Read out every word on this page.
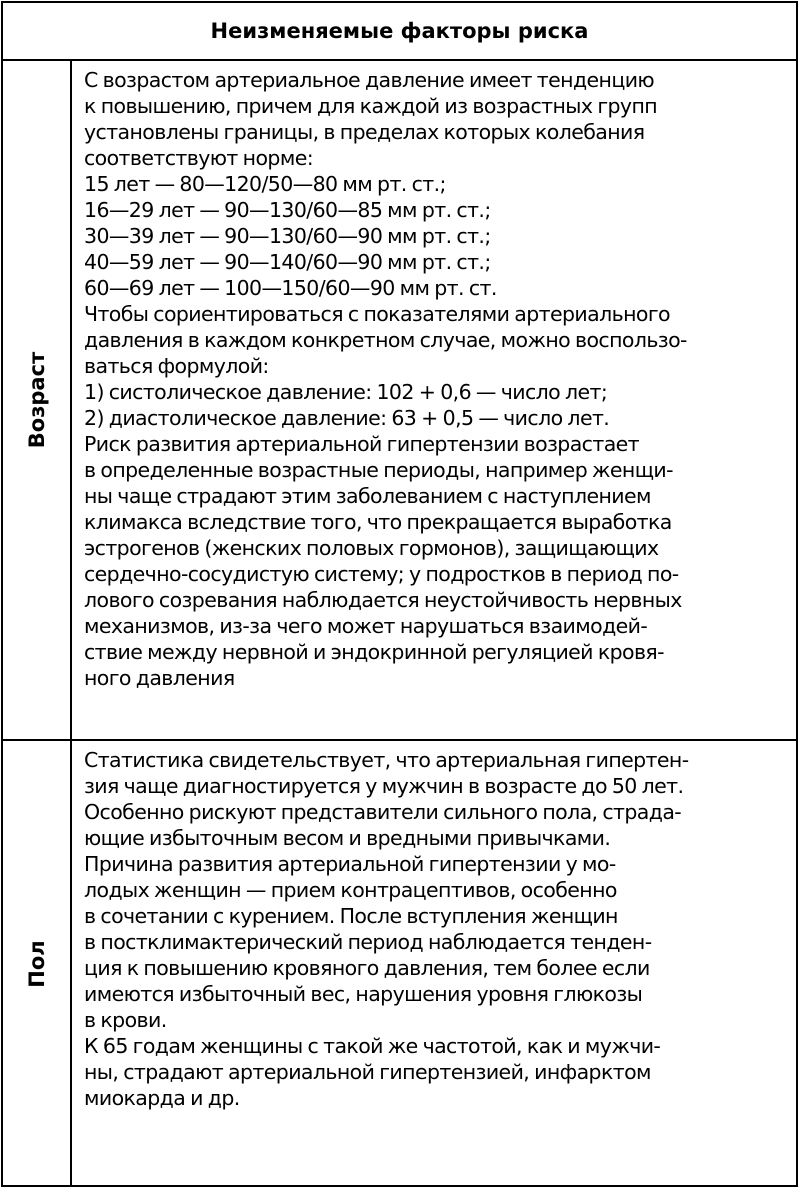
Неизменяемые факторы риска
Возраст
С возрастом артериальное давление имеет тенденцию
к повышению, причем для каждой из возрастных групп
установлены границы, в пределах которых колебания
соответствуют норме:
15 лет — 80—120/50—80 мм рт. ст.;
16—29 лет — 90—130/60—85 мм рт. ст.;
30—39 лет — 90—130/60—90 мм рт. ст.;
40—59 лет — 90—140/60—90 мм рт. ст.;
60—69 лет — 100—150/60—90 мм рт. ст.
Чтобы сориентироваться с показателями артериального
давления в каждом конкретном случае, можно воспользо-
ваться формулой:
1) систолическое давление: 102 + 0,6 — число лет;
2) диастолическое давление: 63 + 0,5 — число лет.
Риск развития артериальной гипертензии возрастает
в определенные возрастные периоды, например женщи-
ны чаще страдают этим заболеванием с наступлением
климакса вследствие того, что прекращается выработка
эстрогенов (женских половых гормонов), защищающих
сердечно-сосудистую систему; у подростков в период по-
лового созревания наблюдается неустойчивость нервных
механизмов, из-за чего может нарушаться взаимодей-
ствие между нервной и эндокринной регуляцией кровя-
ного давления
Пол
Статистика свидетельствует, что артериальная гипертен-
зия чаще диагностируется у мужчин в возрасте до 50 лет.
Особенно рискуют представители сильного пола, страда-
ющие избыточным весом и вредными привычками.
Причина развития артериальной гипертензии у мо-
лодых женщин — прием контрацептивов, особенно
в сочетании с курением. После вступления женщин
в постклимактерический период наблюдается тенден-
ция к повышению кровяного давления, тем более если
имеются избыточный вес, нарушения уровня глюкозы
в крови.
К 65 годам женщины с такой же частотой, как и мужчи-
ны, страдают артериальной гипертензией, инфарктом
миокарда и др.
